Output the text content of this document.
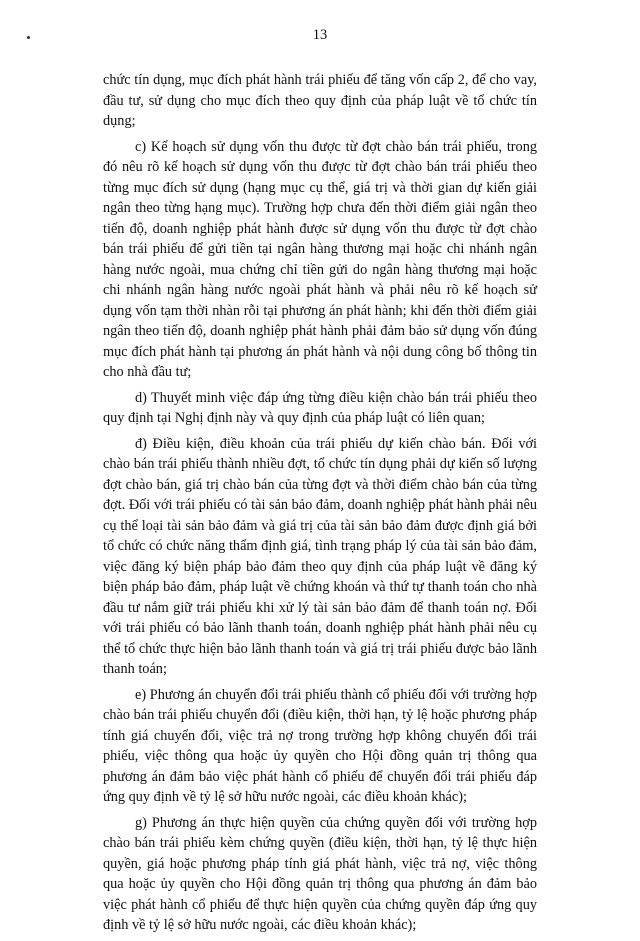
13

chức tín dụng, mục đích phát hành trái phiếu để tăng vốn cấp 2, để cho vay, đầu tư, sử dụng cho mục đích theo quy định của pháp luật về tổ chức tín dụng;

c) Kế hoạch sử dụng vốn thu được từ đợt chào bán trái phiếu, trong đó nêu rõ kế hoạch sử dụng vốn thu được từ đợt chào bán trái phiếu theo từng mục đích sử dụng (hạng mục cụ thể, giá trị và thời gian dự kiến giải ngân theo từng hạng mục). Trường hợp chưa đến thời điểm giải ngân theo tiến độ, doanh nghiệp phát hành được sử dụng vốn thu được từ đợt chào bán trái phiếu để gửi tiền tại ngân hàng thương mại hoặc chi nhánh ngân hàng nước ngoài, mua chứng chỉ tiền gửi do ngân hàng thương mại hoặc chi nhánh ngân hàng nước ngoài phát hành và phải nêu rõ kế hoạch sử dụng vốn tạm thời nhàn rỗi tại phương án phát hành; khi đến thời điểm giải ngân theo tiến độ, doanh nghiệp phát hành phải đảm bảo sử dụng vốn đúng mục đích phát hành tại phương án phát hành và nội dung công bố thông tin cho nhà đầu tư;

d) Thuyết minh việc đáp ứng từng điều kiện chào bán trái phiếu theo quy định tại Nghị định này và quy định của pháp luật có liên quan;

đ) Điều kiện, điều khoản của trái phiếu dự kiến chào bán. Đối với chào bán trái phiếu thành nhiều đợt, tổ chức tín dụng phải dự kiến số lượng đợt chào bán, giá trị chào bán của từng đợt và thời điểm chào bán của từng đợt. Đối với trái phiếu có tài sản bảo đảm, doanh nghiệp phát hành phải nêu cụ thể loại tài sản bảo đảm và giá trị của tài sản bảo đảm được định giá bởi tổ chức có chức năng thẩm định giá, tình trạng pháp lý của tài sản bảo đảm, việc đăng ký biện pháp bảo đảm theo quy định của pháp luật về đăng ký biện pháp bảo đảm, pháp luật về chứng khoán và thứ tự thanh toán cho nhà đầu tư nắm giữ trái phiếu khi xử lý tài sản bảo đảm để thanh toán nợ. Đối với trái phiếu có bảo lãnh thanh toán, doanh nghiệp phát hành phải nêu cụ thể tổ chức thực hiện bảo lãnh thanh toán và giá trị trái phiếu được bảo lãnh thanh toán;

e) Phương án chuyển đổi trái phiếu thành cổ phiếu đối với trường hợp chào bán trái phiếu chuyển đổi (điều kiện, thời hạn, tỷ lệ hoặc phương pháp tính giá chuyển đổi, việc trả nợ trong trường hợp không chuyển đổi trái phiếu, việc thông qua hoặc ủy quyền cho Hội đồng quản trị thông qua phương án đảm bảo việc phát hành cổ phiếu để chuyển đổi trái phiếu đáp ứng quy định về tỷ lệ sở hữu nước ngoài, các điều khoản khác);

g) Phương án thực hiện quyền của chứng quyền đối với trường hợp chào bán trái phiếu kèm chứng quyền (điều kiện, thời hạn, tỷ lệ thực hiện quyền, giá hoặc phương pháp tính giá phát hành, việc trả nợ, việc thông qua hoặc ủy quyền cho Hội đồng quản trị thông qua phương án đảm bảo việc phát hành cổ phiếu để thực hiện quyền của chứng quyền đáp ứng quy định về tỷ lệ sở hữu nước ngoài, các điều khoản khác);
